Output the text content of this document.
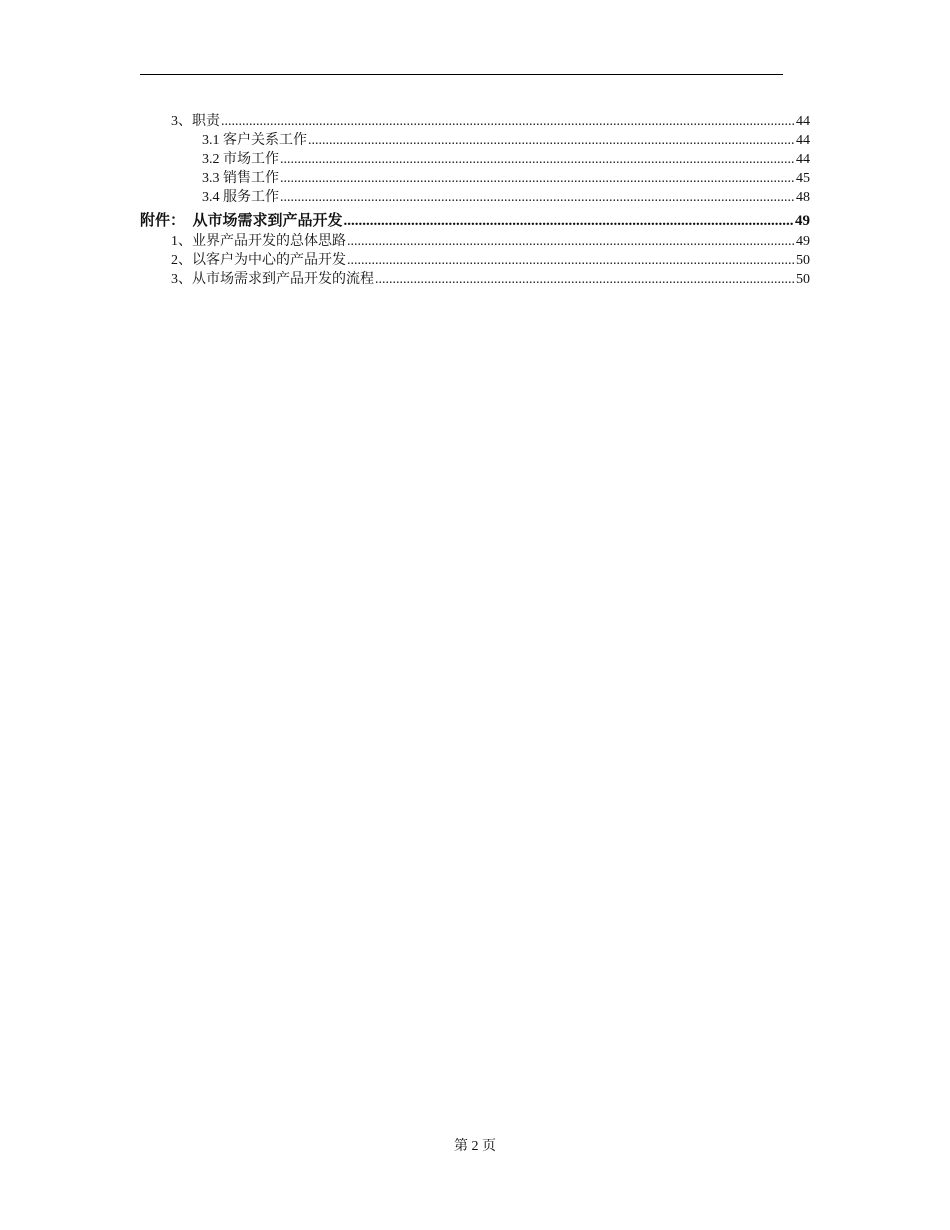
3、职责 .....	44
3.1 客户关系工作 .....	44
3.2 市场工作 .....	44
3.3 销售工作 .....	45
3.4 服务工作 .....	48
附件：　从市场需求到产品开发 .....	49
1、业界产品开发的总体思路 .....	49
2、以客户为中心的产品开发 .....	50
3、从市场需求到产品开发的流程 .....	50
第 2 页
